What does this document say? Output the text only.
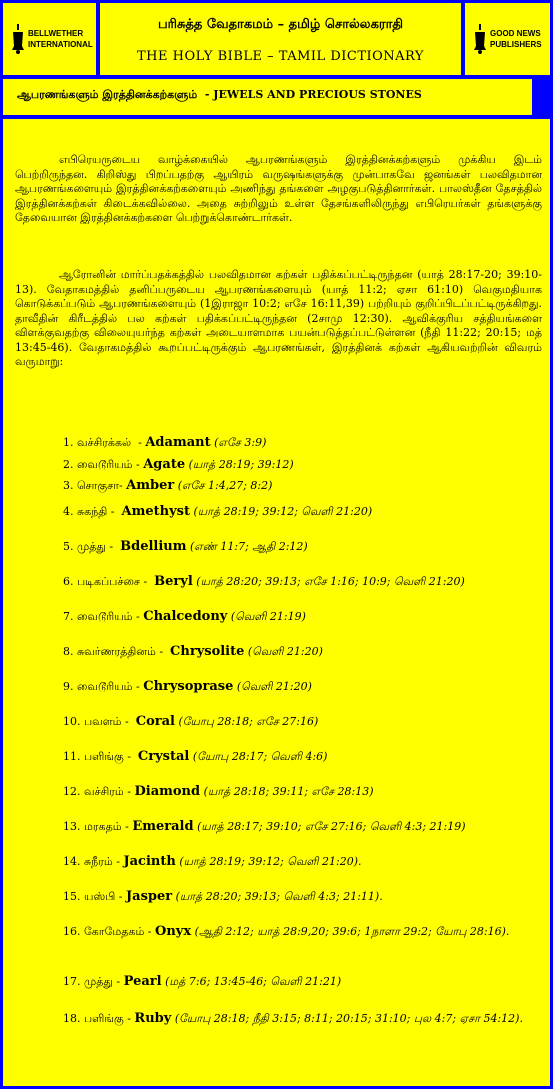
BELLWETHER INTERNATIONAL
பரிசுத்த வேதாகமம் – தமிழ் சொல்லகராதி
THE HOLY BIBLE – TAMIL DICTIONARY
GOOD NEWS PUBLISHERS
ஆபரணங்களும் இரத்தினக்கற்களும் - JEWELS AND PRECIOUS STONES

எபிரெயருடைய வாழ்க்கையில் ஆபரணங்களும் இரத்தினக்கற்களும் முக்கிய இடம் பெற்றிருந்தன. கிறிஸ்து பிறப்பதற்கு ஆயிரம் வருஷங்களுக்கு முன்பாகவே ஜனங்கள் பலவிதமான ஆபரணங்களையும் இரத்தினக்கற்களையும் அணிந்து தங்களை அழகுபடுத்தினார்கள். பாலஸ்தீன தேசத்தில் இரத்தினக்கற்கள் கிடைக்கவில்லை. அதை சுற்றிலும் உள்ள தேசங்களிலிருந்து எபிரெயர்கள் தங்களுக்கு தேவையான இரத்தினக்கற்களை பெற்றுக்கொண்டார்கள்.

ஆரோனின் மார்ப்பதக்கத்தில் பலவிதமான கற்கள் பதிக்கப்பட்டிருந்தன (யாத் 28:17-20; 39:10-13). வேதாகமத்தில் தனிப்பருடைய ஆபரணங்களையும் (யாத் 11:2; ஏசா 61:10) வெகுமதியாக கொடுக்கப்படும் ஆபரணங்களையும் (1இராஜா 10:2; எசே 16:11,39) பற்றியும் குறிப்பிடப்பட்டிருக்கிறது. தாவீதின் கிரீடத்தில் பல கற்கள் பதிக்கப்பட்டிருந்தன (2சாமு 12:30). ஆவிக்குரிய சத்தியங்களை விளக்குவதற்கு விலையுயர்ந்த கற்கள் அடையாளமாக பயன்படுத்தப்பட்டுள்ளன (நீதி 11:22; 20:15; மத் 13:45-46). வேதாகமத்தில் கூறப்பட்டிருக்கும் ஆபரணங்கள், இரத்தினக் கற்கள் ஆகியவற்றின் விவரம் வருமாறு:

1. வச்சிரக்கல்  - Adamant (எசே 3:9)
2. வைடூரியம் - Agate (யாத் 28:19; 39:12)
3. சொகுசா- Amber (எசே 1:4,27; 8:2)
4. சுகந்தி -  Amethyst (யாத் 28:19; 39:12; வெளி 21:20)
5. முத்து -  Bdellium (எண் 11:7; ஆதி 2:12)
6. படிகப்பச்சை -  Beryl (யாத் 28:20; 39:13; எசே 1:16; 10:9; வெளி 21:20)
7. வைடூரியம் - Chalcedony (வெளி 21:19)
8. சுவர்ணரத்தினம் -  Chrysolite (வெளி 21:20)
9. வைடூரியம் - Chrysoprase (வெளி 21:20)
10. பவளம் -  Coral (யோபு 28:18; எசே 27:16)
11. பளிங்கு -  Crystal (யோபு 28:17; வெளி 4:6)
12. வச்சிரம் - Diamond (யாத் 28:18; 39:11; எசே 28:13)
13. மரகதம் - Emerald (யாத் 28:17; 39:10; எசே 27:16; வெளி 4:3; 21:19)
14. சுநீரம் - Jacinth (யாத் 28:19; 39:12; வெளி 21:20).
15. யஸ்பி - Jasper (யாத் 28:20; 39:13; வெளி 4:3; 21:11).
16. கோமேதகம் - Onyx (ஆதி 2:12; யாத் 28:9,20; 39:6; 1நாளா 29:2; யோபு 28:16).
17. முத்து - Pearl (மத் 7:6; 13:45-46; வெளி 21:21)
18. பளிங்கு - Ruby (யோபு 28:18; நீதி 3:15; 8:11; 20:15; 31:10; புல 4:7; ஏசா 54:12).
